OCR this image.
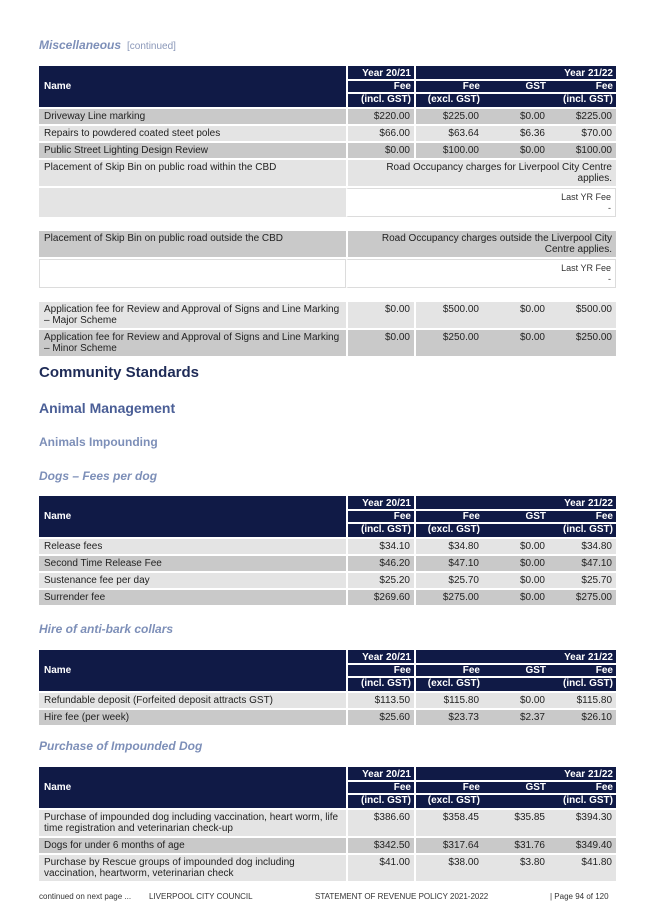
Miscellaneous [continued]
Name	Year 20/21			Year 21/22
	Fee	Fee	GST	Fee
	(incl. GST)	(excl. GST)		(incl. GST)
Driveway Line marking	$220.00	$225.00	$0.00	$225.00
Repairs to powdered coated steet poles	$66.00	$63.64	$6.36	$70.00
Public Street Lighting Design Review	$0.00	$100.00	$0.00	$100.00
Placement of Skip Bin on public road within the CBD	Road Occupancy charges for Liverpool City Centre applies.			

	Last YR Fee
-			

Placement of Skip Bin on public road outside the CBD	Road Occupancy charges outside the Liverpool City Centre applies.			

	Last YR Fee
-			

Application fee for Review and Approval of Signs and Line Marking – Major Scheme	$0.00	$500.00	$0.00	$500.00
Application fee for Review and Approval of Signs and Line Marking – Minor Scheme	$0.00	$250.00	$0.00	$250.00
Community Standards
Animal Management
Animals Impounding
Dogs – Fees per dog
Name	Year 20/21			Year 21/22
	Fee	Fee	GST	Fee
	(incl. GST)	(excl. GST)		(incl. GST)
Release fees	$34.10	$34.80	$0.00	$34.80
Second Time Release Fee	$46.20	$47.10	$0.00	$47.10
Sustenance fee per day	$25.20	$25.70	$0.00	$25.70
Surrender fee	$269.60	$275.00	$0.00	$275.00
Hire of anti-bark collars
Name	Year 20/21			Year 21/22
	Fee	Fee	GST	Fee
	(incl. GST)	(excl. GST)		(incl. GST)
Refundable deposit (Forfeited deposit attracts GST)	$113.50	$115.80	$0.00	$115.80
Hire fee (per week)	$25.60	$23.73	$2.37	$26.10
Purchase of Impounded Dog
Name	Year 20/21			Year 21/22
	Fee	Fee	GST	Fee
	(incl. GST)	(excl. GST)		(incl. GST)
Purchase of impounded dog including vaccination, heart worm, life time registration and veterinarian check-up	$386.60	$358.45	$35.85	$394.30
Dogs for under 6 months of age	$342.50	$317.64	$31.76	$349.40
Purchase by Rescue groups of impounded dog including vaccination, heartworm, veterinarian check	$41.00	$38.00	$3.80	$41.80
continued on next page ... LIVERPOOL CITY COUNCIL	STATEMENT OF REVENUE POLICY 2021-2022	| Page 94 of 120
